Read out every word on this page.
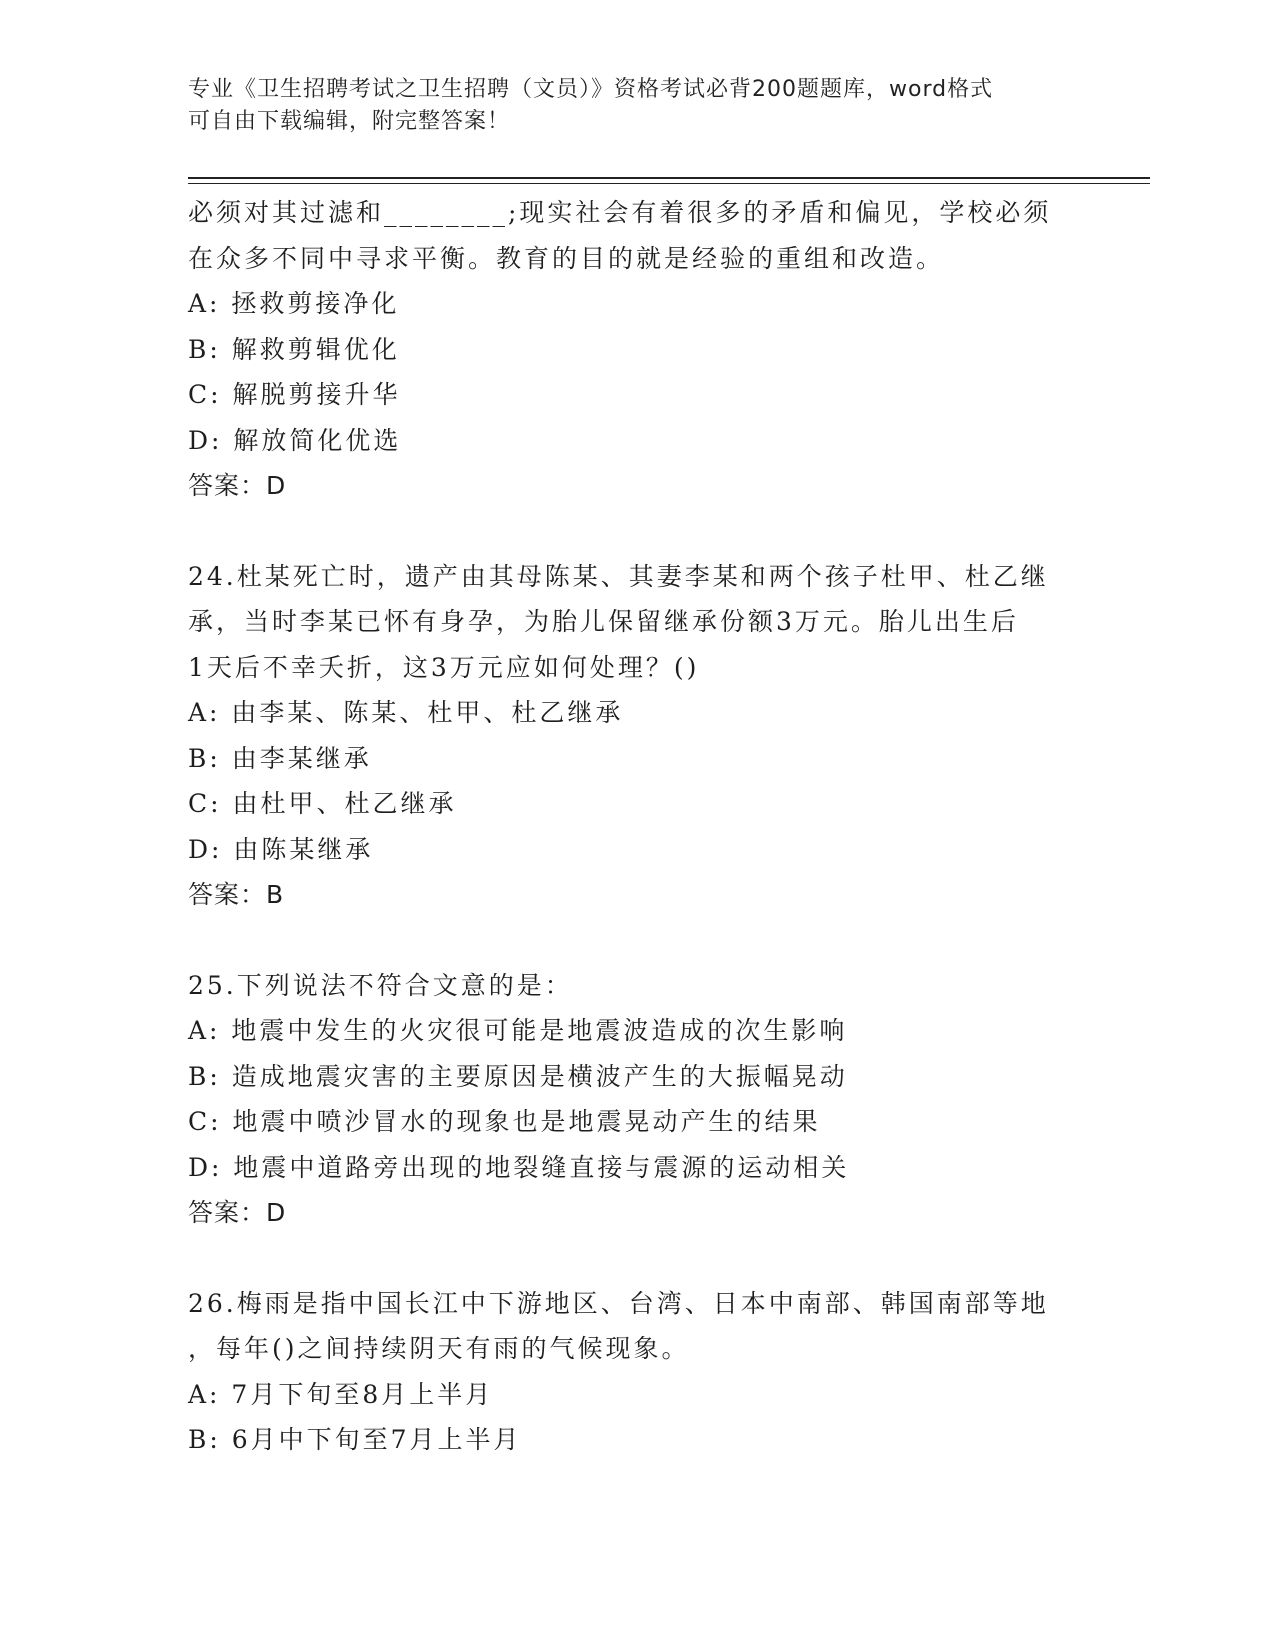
专业《卫生招聘考试之卫生招聘（文员）》资格考试必背200题题库，word格式
可自由下载编辑，附完整答案！
必须对其过滤和________;现实社会有着很多的矛盾和偏见，学校必须
在众多不同中寻求平衡。教育的目的就是经验的重组和改造。
A: 拯救剪接净化
B: 解救剪辑优化
C: 解脱剪接升华
D: 解放简化优选
答案：D
24.杜某死亡时，遗产由其母陈某、其妻李某和两个孩子杜甲、杜乙继
承，当时李某已怀有身孕，为胎儿保留继承份额3万元。胎儿出生后
1天后不幸夭折，这3万元应如何处理？()
A: 由李某、陈某、杜甲、杜乙继承
B: 由李某继承
C: 由杜甲、杜乙继承
D: 由陈某继承
答案：B
25.下列说法不符合文意的是：
A: 地震中发生的火灾很可能是地震波造成的次生影响
B: 造成地震灾害的主要原因是横波产生的大振幅晃动
C: 地震中喷沙冒水的现象也是地震晃动产生的结果
D: 地震中道路旁出现的地裂缝直接与震源的运动相关
答案：D
26.梅雨是指中国长江中下游地区、台湾、日本中南部、韩国南部等地
，每年()之间持续阴天有雨的气候现象。
A: 7月下旬至8月上半月
B: 6月中下旬至7月上半月
